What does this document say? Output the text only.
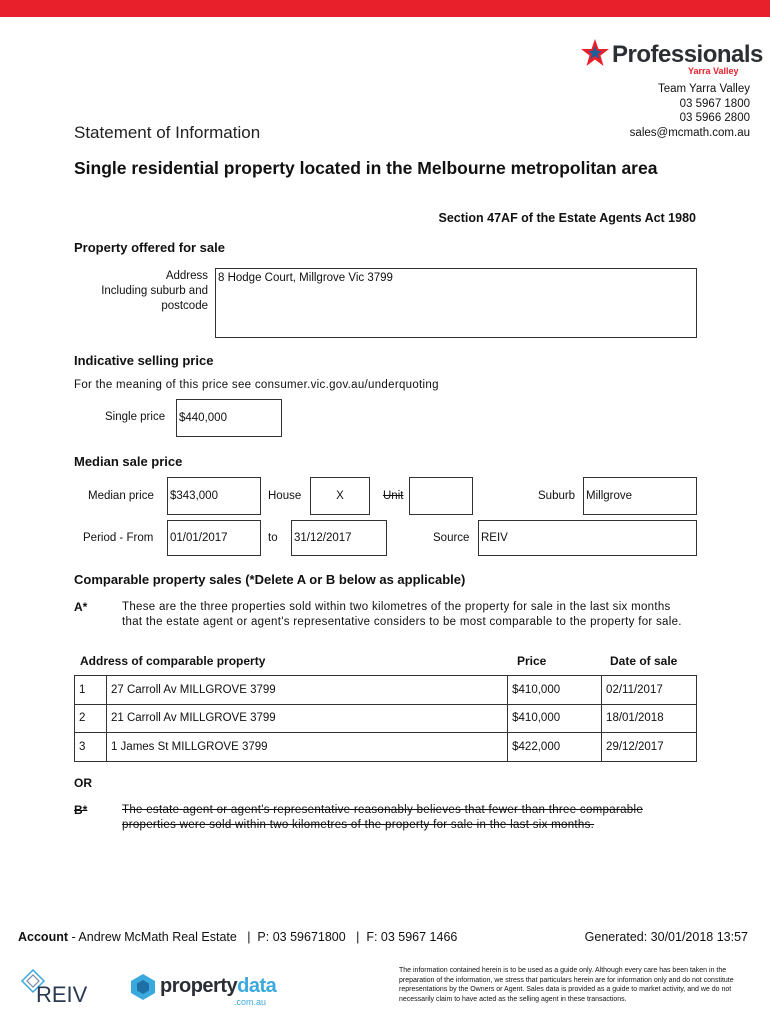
Professionals
Yarra Valley
Team Yarra Valley
03 5967 1800
03 5966 2800
sales@mcmath.com.au
Statement of Information
Single residential property located in the Melbourne metropolitan area
Section 47AF of the Estate Agents Act 1980
Property offered for sale
Address
Including suburb and
postcode
8 Hodge Court, Millgrove Vic 3799
Indicative selling price
For the meaning of this price see consumer.vic.gov.au/underquoting
Single price $440,000
Median sale price
Median price $343,000	House	X	Unit	Suburb Millgrove
Period - From 01/01/2017	to 31/12/2017	Source REIV
Comparable property sales (*Delete A or B below as applicable)
A*	These are the three properties sold within two kilometres of the property for sale in the last six months that the estate agent or agent's representative considers to be most comparable to the property for sale.
Address of comparable property	Price	Date of sale
1	27 Carroll Av MILLGROVE 3799	$410,000	02/11/2017
2	21 Carroll Av MILLGROVE 3799	$410,000	18/01/2018
3	1 James St MILLGROVE 3799	$422,000	29/12/2017
OR
B*	The estate agent or agent's representative reasonably believes that fewer than three comparable properties were sold within two kilometres of the property for sale in the last six months.
Account - Andrew McMath Real Estate   |  P: 03 59671800   |  F: 03 5967 1466	Generated: 30/01/2018 13:57
REIV	propertydata
.com.au
The information contained herein is to be used as a guide only. Although every care has been taken in the preparation of the information, we stress that particulars herein are for information only and do not constitute representations by the Owners or Agent. Sales data is provided as a guide to market activity, and we do not necessarily claim to have acted as the selling agent in these transactions.
